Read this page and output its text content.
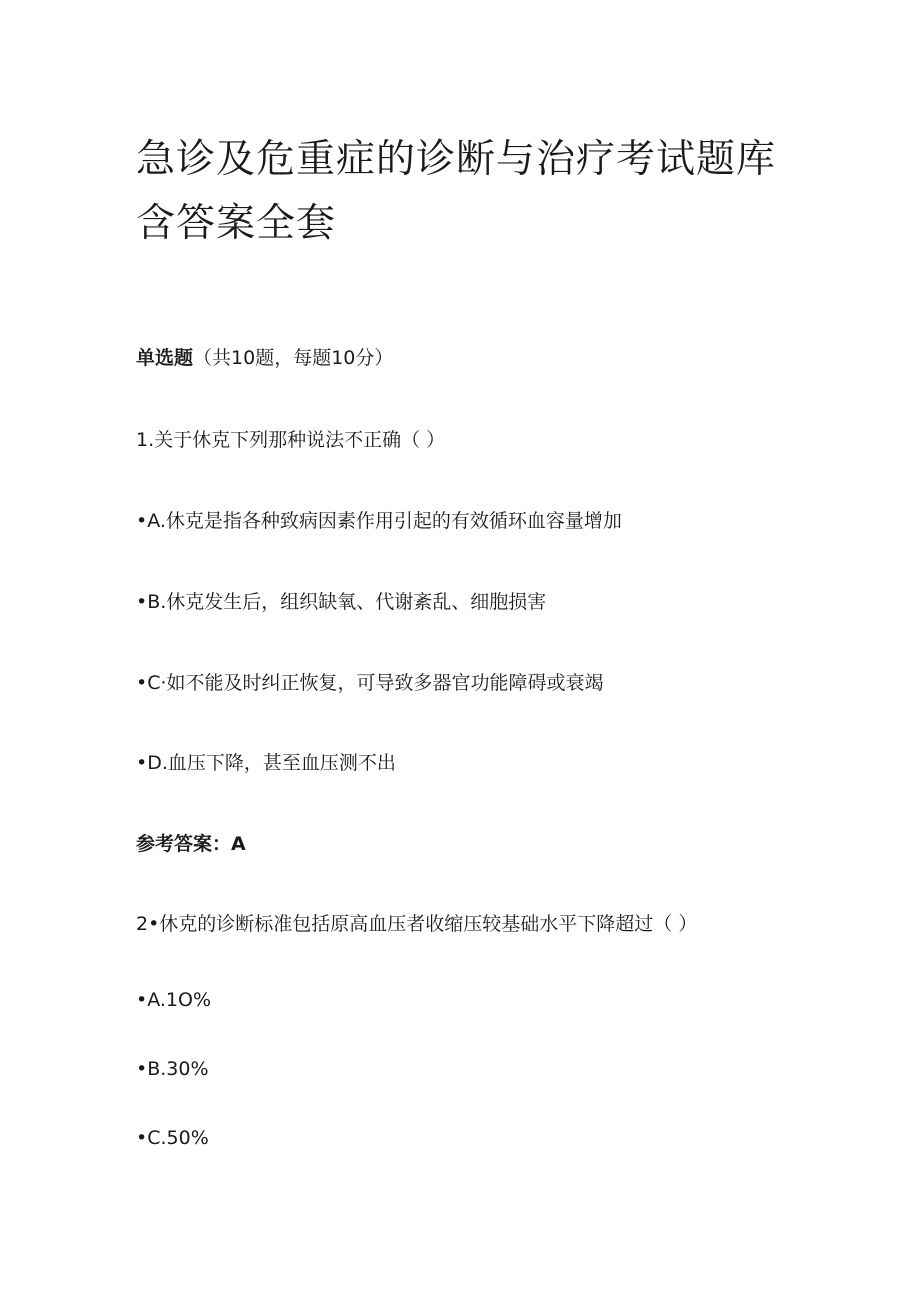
急诊及危重症的诊断与治疗考试题库
含答案全套
单选题（共10题，每题10分）
1.关于休克下列那种说法不正确（ ）
•A.休克是指各种致病因素作用引起的有效循环血容量增加
•B.休克发生后，组织缺氧、代谢紊乱、细胞损害
•C·如不能及时纠正恢复，可导致多器官功能障碍或衰竭
•D.血压下降，甚至血压测不出
参考答案：A
2•休克的诊断标准包括原高血压者收缩压较基础水平下降超过（ ）
•A.1O%
•B.30%
•C.50%
